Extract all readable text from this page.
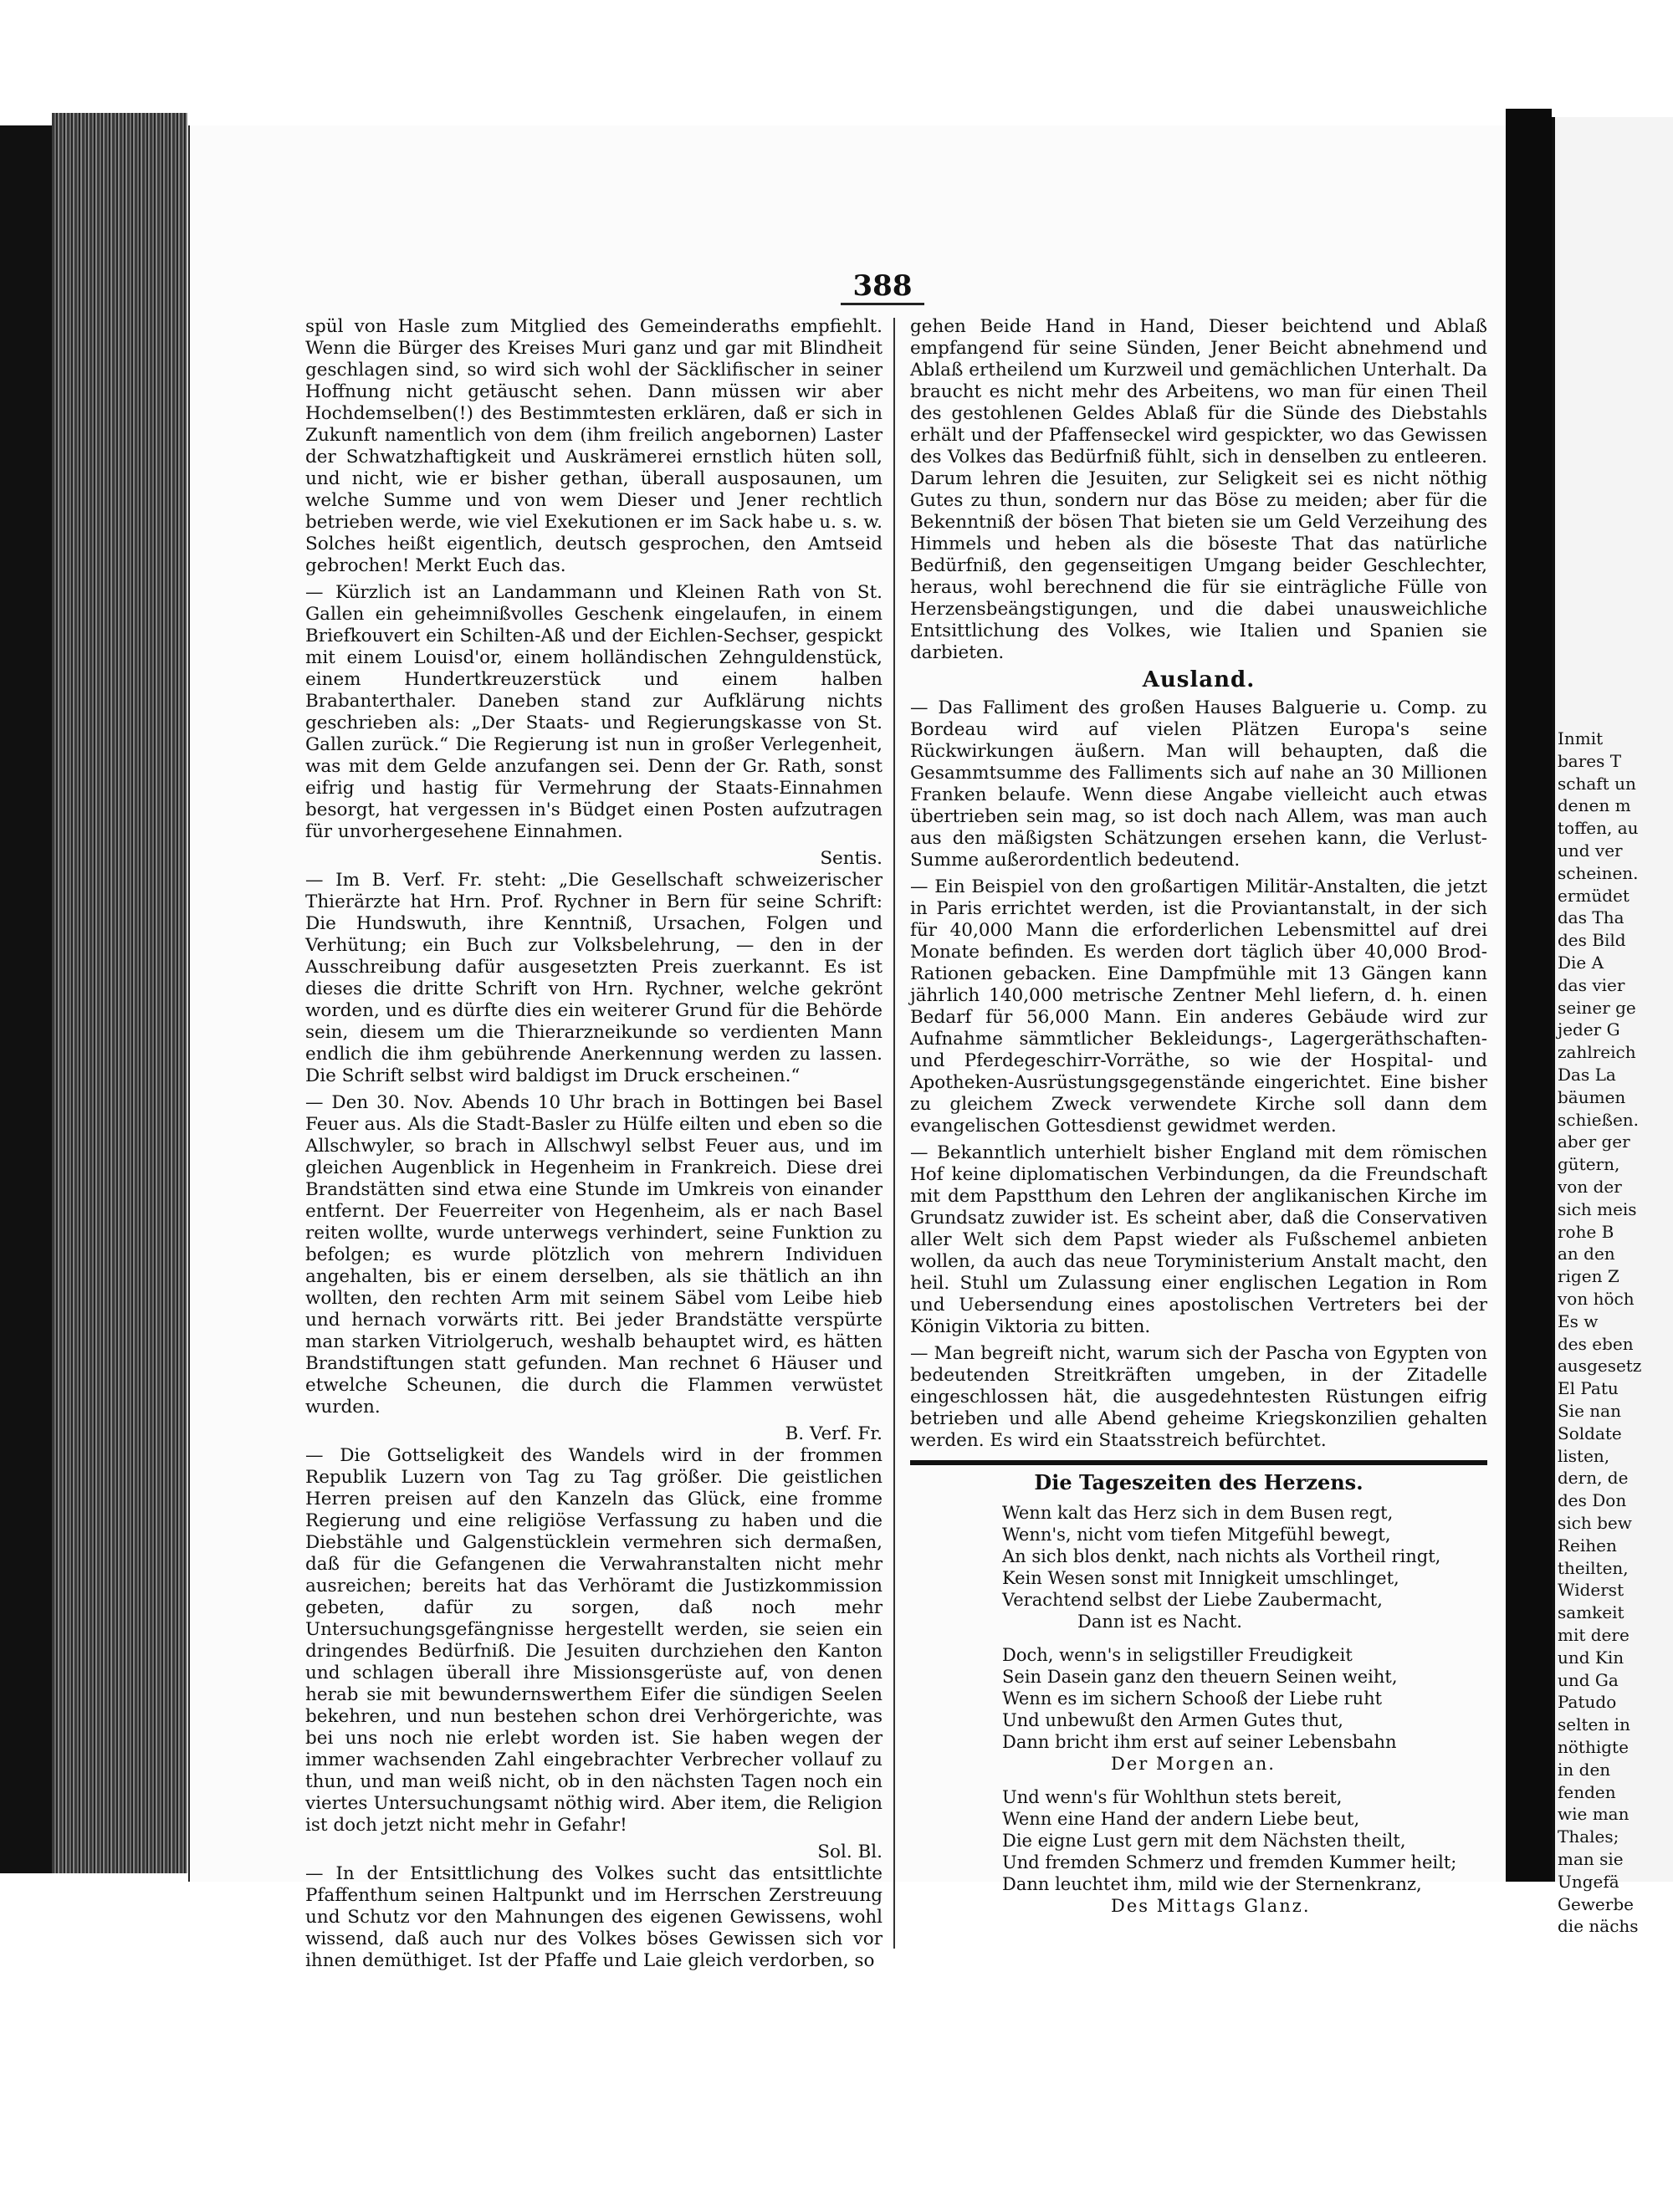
388

spül von Hasle zum Mitglied des Gemeinderaths empfiehlt. Wenn die Bürger des Kreises Muri ganz und gar mit Blindheit geschlagen sind, so wird sich wohl der Säcklifischer in seiner Hoffnung nicht getäuscht sehen. Dann müssen wir aber Hochdemselben(!) des Bestimmtesten erklären, daß er sich in Zukunft namentlich von dem (ihm freilich angebornen) Laster der Schwatzhaftigkeit und Auskrämerei ernstlich hüten soll, und nicht, wie er bisher gethan, überall ausposaunen, um welche Summe und von wem Dieser und Jener rechtlich betrieben werde, wie viel Exekutionen er im Sack habe u. s. w. Solches heißt eigentlich, deutsch gesprochen, den Amtseid gebrochen! Merkt Euch das.

— Kürzlich ist an Landammann und Kleinen Rath von St. Gallen ein geheimnißvolles Geschenk eingelaufen, in einem Briefkouvert ein Schilten-Aß und der Eichlen-Sechser, gespickt mit einem Louisd'or, einem holländischen Zehnguldenstück, einem Hundertkreuzerstück und einem halben Brabanterthaler. Daneben stand zur Aufklärung nichts geschrieben als: „Der Staats- und Regierungskasse von St. Gallen zurück.“ Die Regierung ist nun in großer Verlegenheit, was mit dem Gelde anzufangen sei. Denn der Gr. Rath, sonst eifrig und hastig für Vermehrung der Staats-Einnahmen besorgt, hat vergessen in's Büdget einen Posten aufzutragen für unvorhergesehene Einnahmen.

Sentis.

— Im B. Verf. Fr. steht: „Die Gesellschaft schweizerischer Thierärzte hat Hrn. Prof. Rychner in Bern für seine Schrift: Die Hundswuth, ihre Kenntniß, Ursachen, Folgen und Verhütung; ein Buch zur Volksbelehrung, — den in der Ausschreibung dafür ausgesetzten Preis zuerkannt. Es ist dieses die dritte Schrift von Hrn. Rychner, welche gekrönt worden, und es dürfte dies ein weiterer Grund für die Behörde sein, diesem um die Thierarzneikunde so verdienten Mann endlich die ihm gebührende Anerkennung werden zu lassen. Die Schrift selbst wird baldigst im Druck erscheinen.“

— Den 30. Nov. Abends 10 Uhr brach in Bottingen bei Basel Feuer aus. Als die Stadt-Basler zu Hülfe eilten und eben so die Allschwyler, so brach in Allschwyl selbst Feuer aus, und im gleichen Augenblick in Hegenheim in Frankreich. Diese drei Brandstätten sind etwa eine Stunde im Umkreis von einander entfernt. Der Feuerreiter von Hegenheim, als er nach Basel reiten wollte, wurde unterwegs verhindert, seine Funktion zu befolgen; es wurde plötzlich von mehrern Individuen angehalten, bis er einem derselben, als sie thätlich an ihn wollten, den rechten Arm mit seinem Säbel vom Leibe hieb und hernach vorwärts ritt. Bei jeder Brandstätte verspürte man starken Vitriolgeruch, weshalb behauptet wird, es hätten Brandstiftungen statt gefunden. Man rechnet 6 Häuser und etwelche Scheunen, die durch die Flammen verwüstet wurden.

B. Verf. Fr.

— Die Gottseligkeit des Wandels wird in der frommen Republik Luzern von Tag zu Tag größer. Die geistlichen Herren preisen auf den Kanzeln das Glück, eine fromme Regierung und eine religiöse Verfassung zu haben und die Diebstähle und Galgenstücklein vermehren sich dermaßen, daß für die Gefangenen die Verwahranstalten nicht mehr ausreichen; bereits hat das Verhöramt die Justizkommission gebeten, dafür zu sorgen, daß noch mehr Untersuchungsgefängnisse hergestellt werden, sie seien ein dringendes Bedürfniß. Die Jesuiten durchziehen den Kanton und schlagen überall ihre Missionsgerüste auf, von denen herab sie mit bewundernswerthem Eifer die sündigen Seelen bekehren, und nun bestehen schon drei Verhörgerichte, was bei uns noch nie erlebt worden ist. Sie haben wegen der immer wachsenden Zahl eingebrachter Verbrecher vollauf zu thun, und man weiß nicht, ob in den nächsten Tagen noch ein viertes Untersuchungsamt nöthig wird. Aber item, die Religion ist doch jetzt nicht mehr in Gefahr!

Sol. Bl.

— In der Entsittlichung des Volkes sucht das entsittlichte Pfaffenthum seinen Haltpunkt und im Herrschen Zerstreuung und Schutz vor den Mahnungen des eigenen Gewissens, wohl wissend, daß auch nur des Volkes böses Gewissen sich vor ihnen demüthiget. Ist der Pfaffe und Laie gleich verdorben, so

gehen Beide Hand in Hand, Dieser beichtend und Ablaß empfangend für seine Sünden, Jener Beicht abnehmend und Ablaß ertheilend um Kurzweil und gemächlichen Unterhalt. Da braucht es nicht mehr des Arbeitens, wo man für einen Theil des gestohlenen Geldes Ablaß für die Sünde des Diebstahls erhält und der Pfaffenseckel wird gespickter, wo das Gewissen des Volkes das Bedürfniß fühlt, sich in denselben zu entleeren. Darum lehren die Jesuiten, zur Seligkeit sei es nicht nöthig Gutes zu thun, sondern nur das Böse zu meiden; aber für die Bekenntniß der bösen That bieten sie um Geld Verzeihung des Himmels und heben als die böseste That das natürliche Bedürfniß, den gegenseitigen Umgang beider Geschlechter, heraus, wohl berechnend die für sie einträgliche Fülle von Herzensbeängstigungen, und die dabei unausweichliche Entsittlichung des Volkes, wie Italien und Spanien sie darbieten.

Ausland.

— Das Falliment des großen Hauses Balguerie u. Comp. zu Bordeau wird auf vielen Plätzen Europa's seine Rückwirkungen äußern. Man will behaupten, daß die Gesammtsumme des Falliments sich auf nahe an 30 Millionen Franken belaufe. Wenn diese Angabe vielleicht auch etwas übertrieben sein mag, so ist doch nach Allem, was man auch aus den mäßigsten Schätzungen ersehen kann, die Verlust-Summe außerordentlich bedeutend.

— Ein Beispiel von den großartigen Militär-Anstalten, die jetzt in Paris errichtet werden, ist die Proviantanstalt, in der sich für 40,000 Mann die erforderlichen Lebensmittel auf drei Monate befinden. Es werden dort täglich über 40,000 Brod-Rationen gebacken. Eine Dampfmühle mit 13 Gängen kann jährlich 140,000 metrische Zentner Mehl liefern, d. h. einen Bedarf für 56,000 Mann. Ein anderes Gebäude wird zur Aufnahme sämmtlicher Bekleidungs-, Lagergeräthschaften- und Pferdegeschirr-Vorräthe, so wie der Hospital- und Apotheken-Ausrüstungsgegenstände eingerichtet. Eine bisher zu gleichem Zweck verwendete Kirche soll dann dem evangelischen Gottesdienst gewidmet werden.

— Bekanntlich unterhielt bisher England mit dem römischen Hof keine diplomatischen Verbindungen, da die Freundschaft mit dem Papstthum den Lehren der anglikanischen Kirche im Grundsatz zuwider ist. Es scheint aber, daß die Conservativen aller Welt sich dem Papst wieder als Fußschemel anbieten wollen, da auch das neue Toryministerium Anstalt macht, den heil. Stuhl um Zulassung einer englischen Legation in Rom und Uebersendung eines apostolischen Vertreters bei der Königin Viktoria zu bitten.

— Man begreift nicht, warum sich der Pascha von Egypten von bedeutenden Streitkräften umgeben, in der Zitadelle eingeschlossen hät, die ausgedehntesten Rüstungen eifrig betrieben und alle Abend geheime Kriegskonzilien gehalten werden. Es wird ein Staatsstreich befürchtet.

Die Tageszeiten des Herzens.
Wenn kalt das Herz sich in dem Busen regt,
Wenn's, nicht vom tiefen Mitgefühl bewegt,
An sich blos denkt, nach nichts als Vortheil ringt,
Kein Wesen sonst mit Innigkeit umschlinget,
Verachtend selbst der Liebe Zaubermacht,
Dann ist es Nacht.
Doch, wenn's in seligstiller Freudigkeit
Sein Dasein ganz den theuern Seinen weiht,
Wenn es im sichern Schooß der Liebe ruht
Und unbewußt den Armen Gutes thut,
Dann bricht ihm erst auf seiner Lebensbahn
Der Morgen an.
Und wenn's für Wohlthun stets bereit,
Wenn eine Hand der andern Liebe beut,
Die eigne Lust gern mit dem Nächsten theilt,
Und fremden Schmerz und fremden Kummer heilt;
Dann leuchtet ihm, mild wie der Sternenkranz,
Des Mittags Glanz.
Inmit
bares T
schaft un
denen m
toffen, au
und ver
scheinen.
ermüdet
das Tha
des Bild
Die A
das vier
seiner ge
jeder G
zahlreich
Das La
bäumen
schießen.
aber ger
gütern,
von der
sich meis
rohe B
an den
rigen Z
von höch
Es w
des eben
ausgesetz
El Patu
Sie nan
Soldate
listen,
dern, de
des Don
sich bew
Reihen
theilten,
Widerst
samkeit
mit dere
und Kin
und Ga
Patudo
selten in
nöthigte
in den
fenden
wie man
Thales;
man sie
Ungefä
Gewerbe
die nächs
